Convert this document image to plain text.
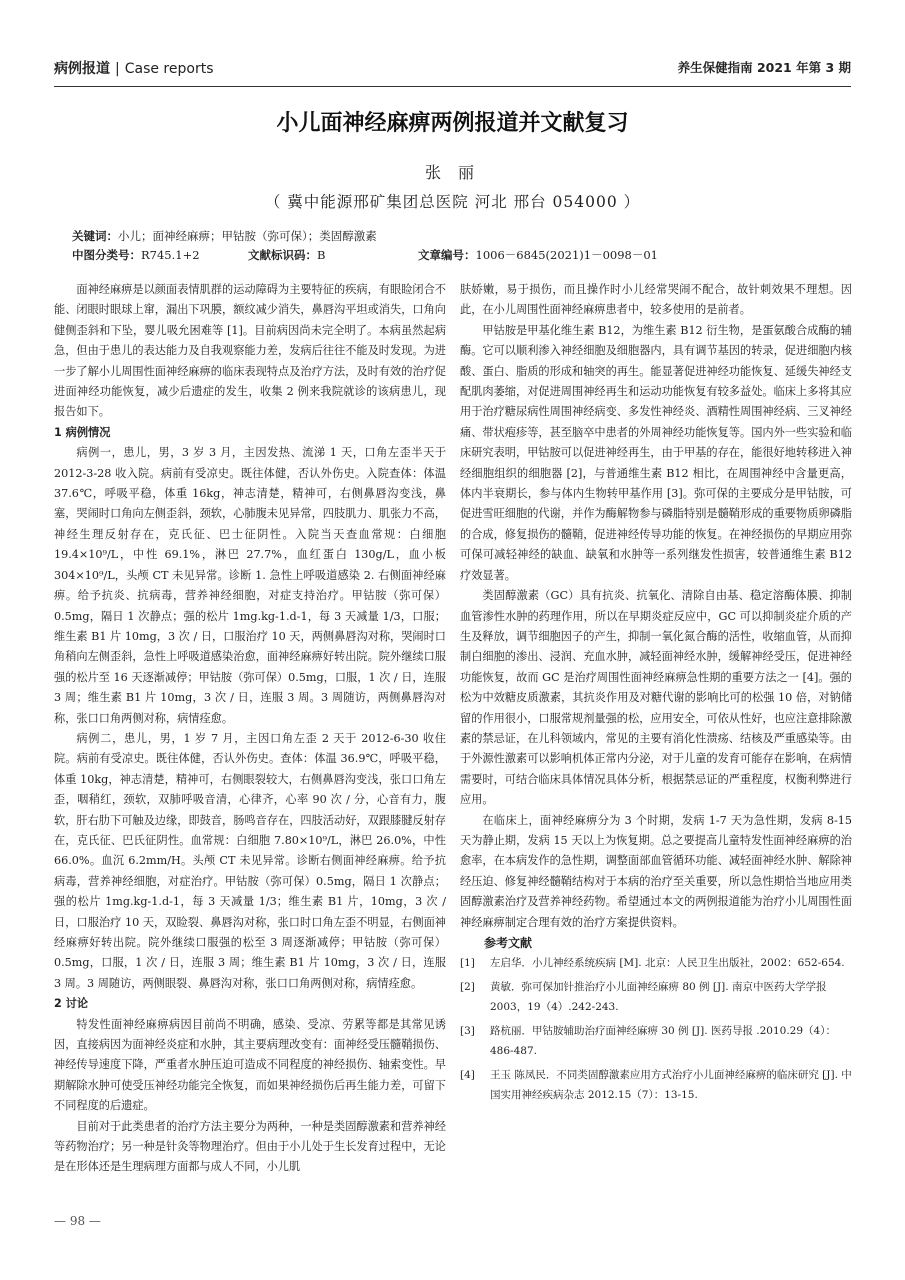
病例报道 | Case reports	养生保健指南 2021 年第 3 期
小儿面神经麻痹两例报道并文献复习
张 丽
（ 冀中能源邢矿集团总医院 河北 邢台 054000 ）
关键词：小儿；面神经麻痹；甲钴胺（弥可保）；类固醇激素
中图分类号：R745.1+2	文献标识码：B	文章编号：1006－6845(2021)1－0098－01

面神经麻痹是以颜面表情肌群的运动障碍为主要特征的疾病，有眼睑闭合不能、闭眼时眼球上窜，漏出下巩膜，额纹减少消失，鼻唇沟平坦或消失，口角向健侧歪斜和下坠，婴儿吸允困难等 [1]。目前病因尚未完全明了。本病虽然起病急，但由于患儿的表达能力及自我观察能力差，发病后往往不能及时发现。为进一步了解小儿周围性面神经麻痹的临床表现特点及治疗方法，及时有效的治疗促进面神经功能恢复，减少后遗症的发生，收集 2 例来我院就诊的该病患儿，现报告如下。

1 病例情况

病例一，患儿，男，3 岁 3 月，主因发热、流涕 1 天，口角左歪半天于 2012-3-28 收入院。病前有受凉史。既往体健，否认外伤史。入院查体：体温 37.6℃，呼吸平稳，体重 16kg，神志清楚，精神可，右侧鼻唇沟变浅，鼻塞，哭闹时口角向左侧歪斜，颈软，心肺腹未见异常，四肢肌力、肌张力不高，神经生理反射存在，克氏征、巴士征阴性。入院当天查血常规：白细胞 19.4×10⁹/L，中性 69.1%，淋巴 27.7%，血红蛋白 130g/L，血小板 304×10⁹/L，头颅 CT 未见异常。诊断 1. 急性上呼吸道感染 2. 右侧面神经麻痹。给予抗炎、抗病毒，营养神经细胞，对症支持治疗。甲钴胺（弥可保）0.5mg，隔日 1 次静点；强的松片 1mg.kg-1.d-1，每 3 天减量 1/3，口服；维生素 B1 片 10mg，3 次 / 日，口服治疗 10 天，两侧鼻唇沟对称，哭闹时口角稍向左侧歪斜，急性上呼吸道感染治愈，面神经麻痹好转出院。院外继续口服强的松片至 16 天逐渐减停；甲钴胺（弥可保）0.5mg，口服，1 次 / 日，连服 3 周；维生素 B1 片 10mg，3 次 / 日，连服 3 周。3 周随访，两侧鼻唇沟对称，张口口角两侧对称，病情痊愈。

病例二，患儿，男，1 岁 7 月，主因口角左歪 2 天于 2012-6-30 收住院。病前有受凉史。既往体健，否认外伤史。查体：体温 36.9℃，呼吸平稳，体重 10kg，神志清楚，精神可，右侧眼裂较大，右侧鼻唇沟变浅，张口口角左歪，咽稍红，颈软，双肺呼吸音清，心律齐，心率 90 次 / 分，心音有力，腹软，肝右肋下可触及边缘，即鼓音，肠鸣音存在，四肢活动好，双跟膝腱反射存在，克氏征、巴氏征阴性。血常规：白细胞 7.80×10⁹/L，淋巴 26.0%，中性 66.0%。血沉 6.2mm/H。头颅 CT 未见异常。诊断右侧面神经麻痹。给予抗病毒，营养神经细胞，对症治疗。甲钴胺（弥可保）0.5mg，隔日 1 次静点；强的松片 1mg.kg-1.d-1，每 3 天减量 1/3；维生素 B1 片，10mg，3 次 / 日，口服治疗 10 天，双睑裂、鼻唇沟对称，张口时口角左歪不明显，右侧面神经麻痹好转出院。院外继续口服强的松至 3 周逐渐减停；甲钴胺（弥可保）0.5mg，口服，1 次 / 日，连服 3 周；维生素 B1 片 10mg，3 次 / 日，连服 3 周。3 周随访，两侧眼裂、鼻唇沟对称，张口口角两侧对称，病情痊愈。

2 讨论

特发性面神经麻痹病因目前尚不明确，感染、受凉、劳累等都是其常见诱因，直接病因为面神经炎症和水肿，其主要病理改变有：面神经受压髓鞘损伤、神经传导速度下降，严重者水肿压迫可造成不同程度的神经损伤、轴索变性。早期解除水肿可使受压神经功能完全恢复，而如果神经损伤后再生能力差，可留下不同程度的后遗症。

目前对于此类患者的治疗方法主要分为两种，一种是类固醇激素和营养神经等药物治疗；另一种是针灸等物理治疗。但由于小儿处于生长发育过程中，无论是在形体还是生理病理方面都与成人不同，小儿肌

肤娇嫩，易于损伤，而且操作时小儿经常哭闹不配合，故针刺效果不理想。因此，在小儿周围性面神经麻痹患者中，较多使用的是前者。

甲钴胺是甲基化维生素 B12，为维生素 B12 衍生物，是蛋氨酸合成酶的辅酶。它可以顺利渗入神经细胞及细胞器内，具有调节基因的转录，促进细胞内核酸、蛋白、脂质的形成和轴突的再生。能显著促进神经功能恢复、延缓失神经支配肌肉萎缩，对促进周围神经再生和运动功能恢复有较多益处。临床上多将其应用于治疗糖尿病性周围神经病变、多发性神经炎、酒精性周围神经病、三叉神经痛、带状疱疹等，甚至脑卒中患者的外周神经功能恢复等。国内外一些实验和临床研究表明，甲钴胺可以促进神经再生，由于甲基的存在，能很好地转移进入神经细胞组织的细胞器 [2]，与普通维生素 B12 相比，在周围神经中含量更高，体内半衰期长，参与体内生物转甲基作用 [3]。弥可保的主要成分是甲钴胺，可促进雪旺细胞的代谢，并作为酶解物参与磷脂特别是髓鞘形成的重要物质卵磷脂的合成，修复损伤的髓鞘，促进神经传导功能的恢复。在神经损伤的早期应用弥可保可减轻神经的缺血、缺氧和水肿等一系列继发性损害，较普通维生素 B12 疗效显著。

类固醇激素（GC）具有抗炎、抗氧化、清除自由基、稳定溶酶体膜、抑制血管渗性水肿的药理作用，所以在早期炎症反应中，GC 可以抑制炎症介质的产生及释放，调节细胞因子的产生，抑制一氧化氮合酶的活性，收缩血管，从而抑制白细胞的渗出、浸润、充血水肿，减轻面神经水肿，缓解神经受压，促进神经功能恢复，故而 GC 是治疗周围性面神经麻痹急性期的重要方法之一 [4]。强的松为中效糖皮质激素，其抗炎作用及对糖代谢的影响比可的松强 10 倍，对钠储留的作用很小，口服常规剂量强的松，应用安全，可依从性好，也应注意排除激素的禁忌证，在儿科领域内，常见的主要有消化性溃疡、结核及严重感染等。由于外源性激素可以影响机体正常内分泌，对于儿童的发育可能存在影响，在病情需要时，可结合临床具体情况具体分析，根据禁忌证的严重程度，权衡利弊进行应用。

在临床上，面神经麻痹分为 3 个时期，发病 1-7 天为急性期，发病 8-15 天为静止期，发病 15 天以上为恢复期。总之要提高儿童特发性面神经麻痹的治愈率，在本病发作的急性期，调整面部血管循环功能、减轻面神经水肿、解除神经压迫、修复神经髓鞘结构对于本病的治疗至关重要，所以急性期恰当地应用类固醇激素治疗及营养神经药物。希望通过本文的两例报道能为治疗小儿周围性面神经麻痹制定合理有效的治疗方案提供资料。

参考文献

[1]	左启华．小儿神经系统疾病 [M]. 北京：人民卫生出版社，2002：652-654.
[2]	黄敏．弥可保加针推治疗小儿面神经麻痹 80 例 [J]. 南京中医药大学学报 2003，19（4）.242-243.
[3]	路杭丽．甲钴胺辅助治疗面神经麻痹 30 例 [J]. 医药导报 .2010.29（4）：486-487.
[4]	王玉 陈凤民．不同类固醇激素应用方式治疗小儿面神经麻痹的临床研究 [J]. 中国实用神经疾病杂志 2012.15（7）：13-15.
— 98 —
